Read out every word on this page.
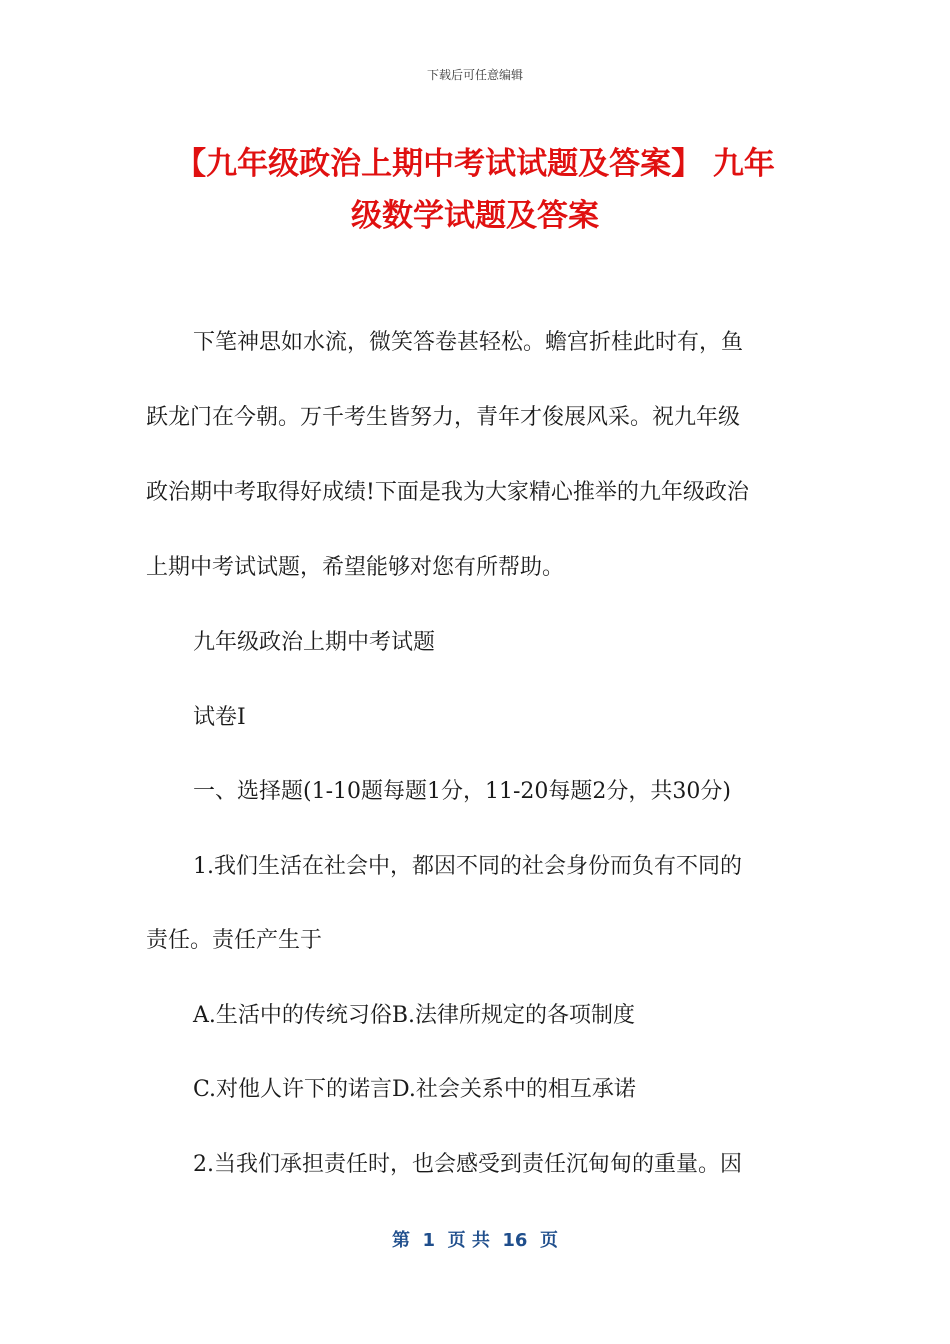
下载后可任意编辑
【九年级政治上期中考试试题及答案】 九年
级数学试题及答案

下笔神思如水流，微笑答卷甚轻松。蟾宫折桂此时有，鱼

跃龙门在今朝。万千考生皆努力，青年才俊展风采。祝九年级

政治期中考取得好成绩!下面是我为大家精心推举的九年级政治

上期中考试试题，希望能够对您有所帮助。

九年级政治上期中考试题

试卷Ⅰ

一、选择题(1-10题每题1分，11-20每题2分，共30分)

1.我们生活在社会中，都因不同的社会身份而负有不同的

责任。责任产生于

A.生活中的传统习俗B.法律所规定的各项制度

C.对他人许下的诺言D.社会关系中的相互承诺

2.当我们承担责任时，也会感受到责任沉甸甸的重量。因

第  1  页 共  16  页
